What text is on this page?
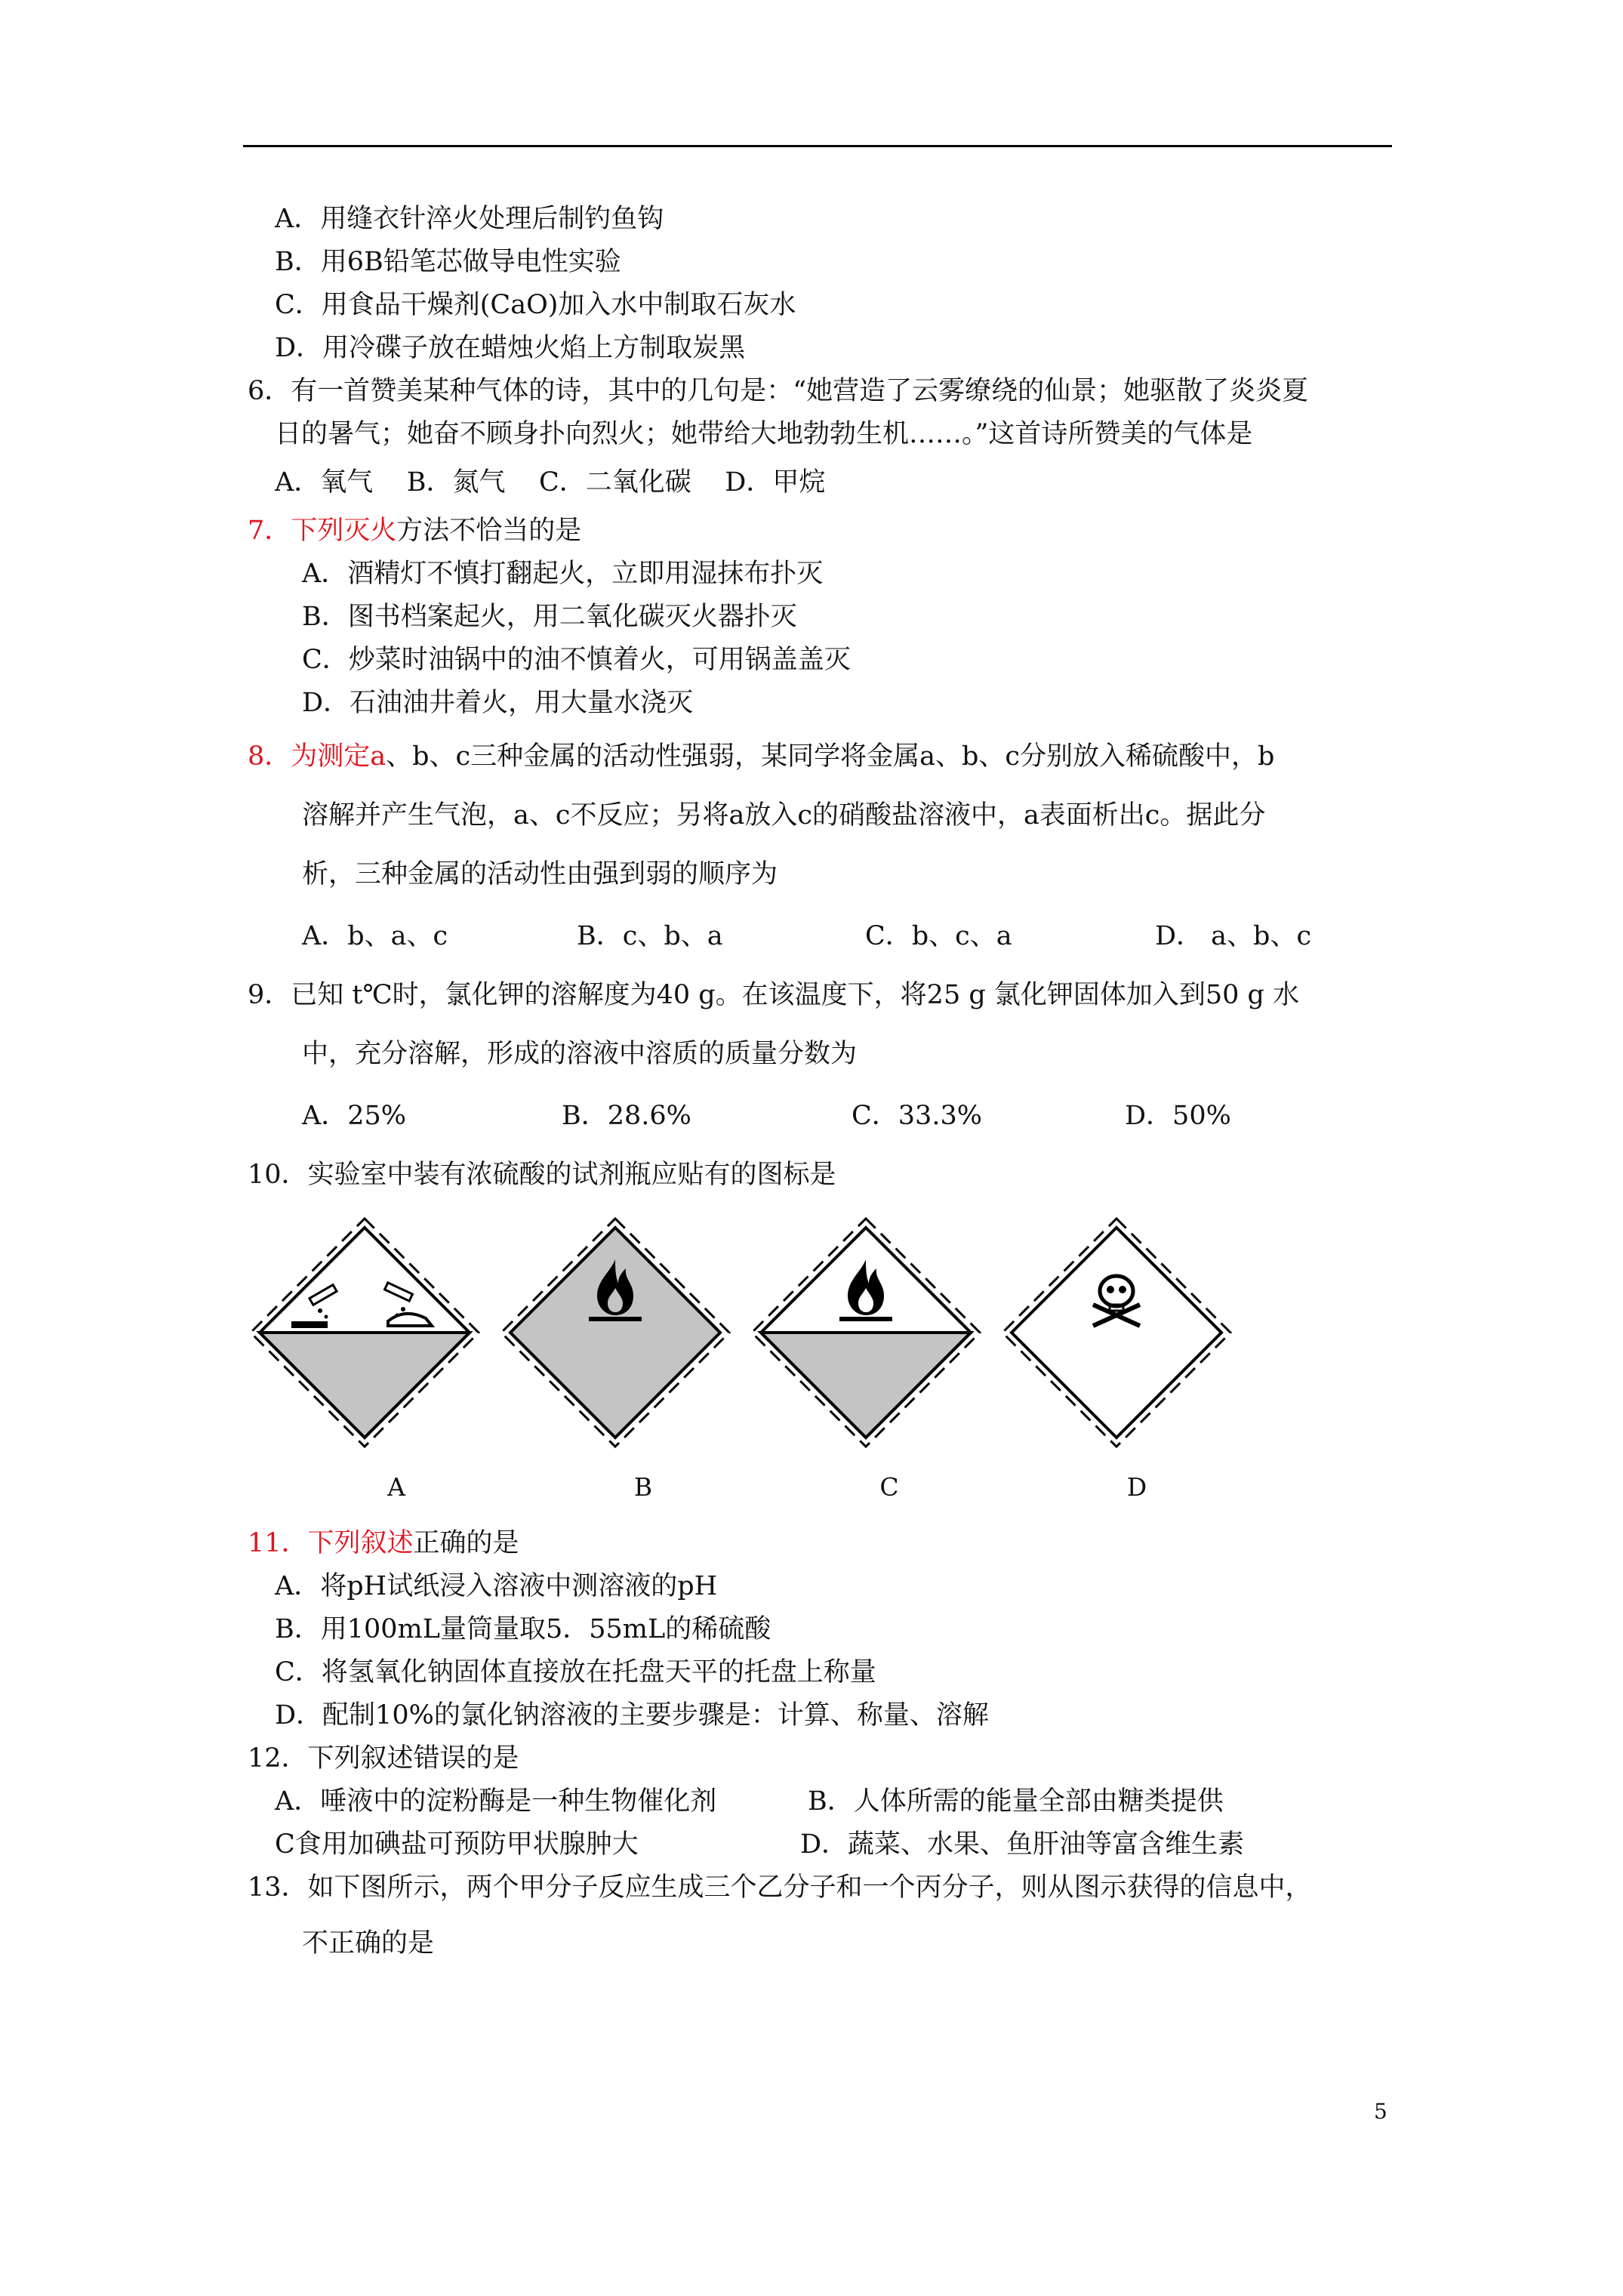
A．用缝衣针淬火处理后制钓鱼钩
B．用6B铅笔芯做导电性实验
C．用食品干燥剂(CaO)加入水中制取石灰水
D．用冷碟子放在蜡烛火焰上方制取炭黑
6．有一首赞美某种气体的诗，其中的几句是：“她营造了云雾缭绕的仙景；她驱散了炎炎夏
日的暑气；她奋不顾身扑向烈火；她带给大地勃勃生机……。”这首诗所赞美的气体是
A．氧气    B．氮气    C．二氧化碳    D．甲烷
7．下列灭火方法不恰当的是
A．酒精灯不慎打翻起火，立即用湿抹布扑灭
B．图书档案起火，用二氧化碳灭火器扑灭
C．炒菜时油锅中的油不慎着火，可用锅盖盖灭
D．石油油井着火，用大量水浇灭
8．为测定a、b、c三种金属的活动性强弱，某同学将金属a、b、c分别放入稀硫酸中，b
溶解并产生气泡，a、c不反应；另将a放入c的硝酸盐溶液中，a表面析出c。据此分
析，三种金属的活动性由强到弱的顺序为
A．b、a、c	B．c、b、a	C．b、c、a	D． a、b、c
9．已知 t℃时，氯化钾的溶解度为40 g。在该温度下，将25 g 氯化钾固体加入到50 g 水
中，充分溶解，形成的溶液中溶质的质量分数为
A．25%	B．28.6%	C．33.3%	D．50%
10．实验室中装有浓硫酸的试剂瓶应贴有的图标是
A	B	C	D
11．下列叙述正确的是
A．将pH试纸浸入溶液中测溶液的pH
B．用100mL量筒量取5．55mL的稀硫酸
C．将氢氧化钠固体直接放在托盘天平的托盘上称量
D．配制10%的氯化钠溶液的主要步骤是：计算、称量、溶解
12．下列叙述错误的是
A．唾液中的淀粉酶是一种生物催化剂	B．人体所需的能量全部由糖类提供
C食用加碘盐可预防甲状腺肿大	D．蔬菜、水果、鱼肝油等富含维生素
13．如下图所示，两个甲分子反应生成三个乙分子和一个丙分子，则从图示获得的信息中，
不正确的是
5
